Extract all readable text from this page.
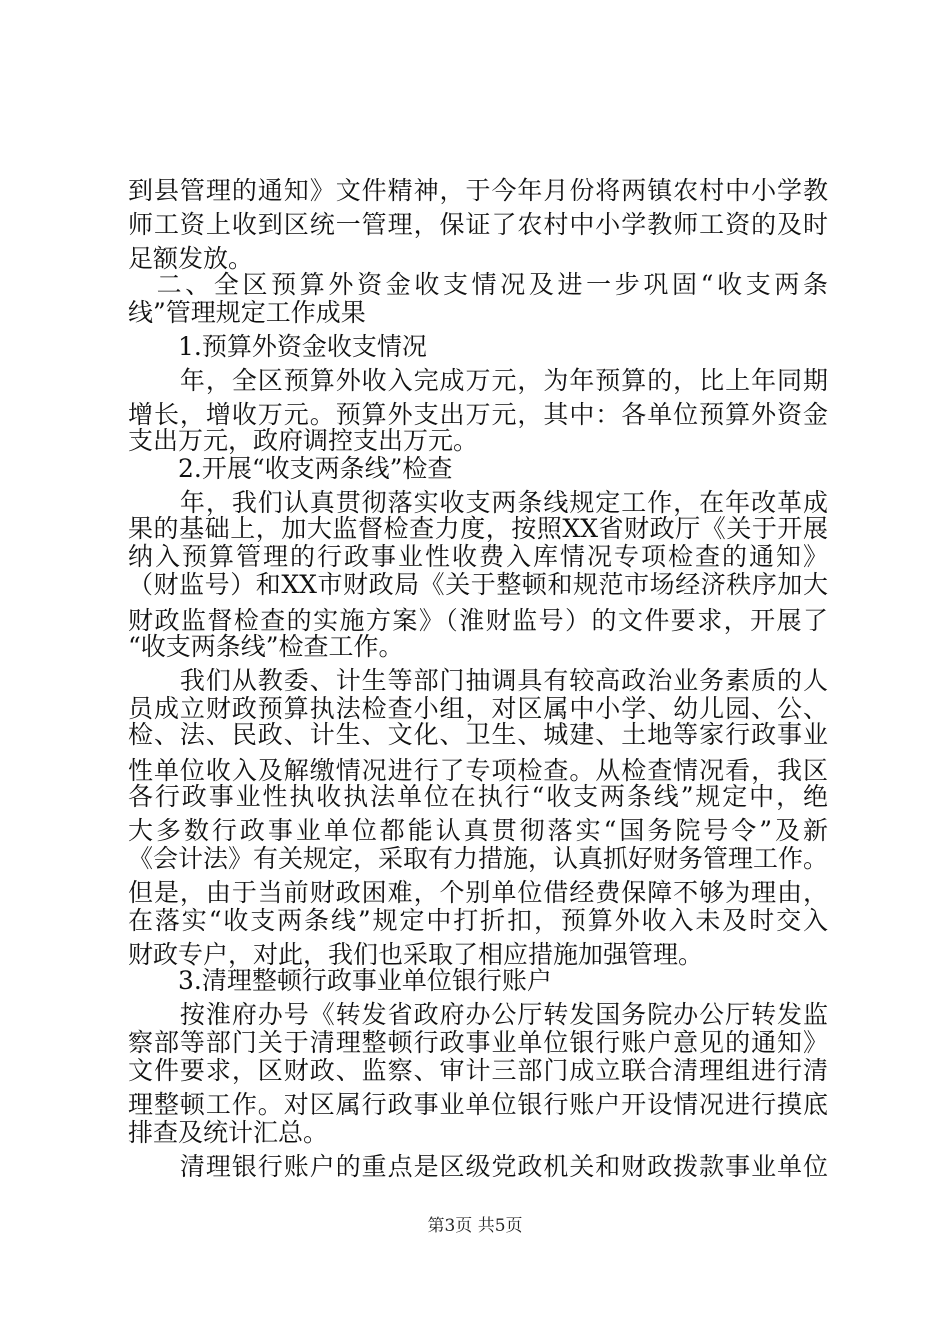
到县管理的通知》文件精神，于今年月份将两镇农村中小学教
师工资上收到区统一管理，保证了农村中小学教师工资的及时
足额发放。
　二、全区预算外资金收支情况及进一步巩固“收支两条
线”管理规定工作成果
　　1.预算外资金收支情况
　　年，全区预算外收入完成万元，为年预算的，比上年同期
增长，增收万元。预算外支出万元，其中：各单位预算外资金
支出万元，政府调控支出万元。
　　2.开展“收支两条线”检查
　　年，我们认真贯彻落实收支两条线规定工作，在年改革成
果的基础上，加大监督检查力度，按照XX省财政厅《关于开展
纳入预算管理的行政事业性收费入库情况专项检查的通知》
（财监号）和XX市财政局《关于整顿和规范市场经济秩序加大
财政监督检查的实施方案》（淮财监号）的文件要求，开展了
“收支两条线”检查工作。
　　我们从教委、计生等部门抽调具有较高政治业务素质的人
员成立财政预算执法检查小组，对区属中小学、幼儿园、公、
检、法、民政、计生、文化、卫生、城建、土地等家行政事业
性单位收入及解缴情况进行了专项检查。从检查情况看，我区
各行政事业性执收执法单位在执行“收支两条线”规定中，绝
大多数行政事业单位都能认真贯彻落实“国务院号令”及新
《会计法》有关规定，采取有力措施，认真抓好财务管理工作。
但是，由于当前财政困难，个别单位借经费保障不够为理由，
在落实“收支两条线”规定中打折扣，预算外收入未及时交入
财政专户，对此，我们也采取了相应措施加强管理。
　　3.清理整顿行政事业单位银行账户
　　按淮府办号《转发省政府办公厅转发国务院办公厅转发监
察部等部门关于清理整顿行政事业单位银行账户意见的通知》
文件要求，区财政、监察、审计三部门成立联合清理组进行清
理整顿工作。对区属行政事业单位银行账户开设情况进行摸底
排查及统计汇总。
　　清理银行账户的重点是区级党政机关和财政拨款事业单位
第3页 共5页
